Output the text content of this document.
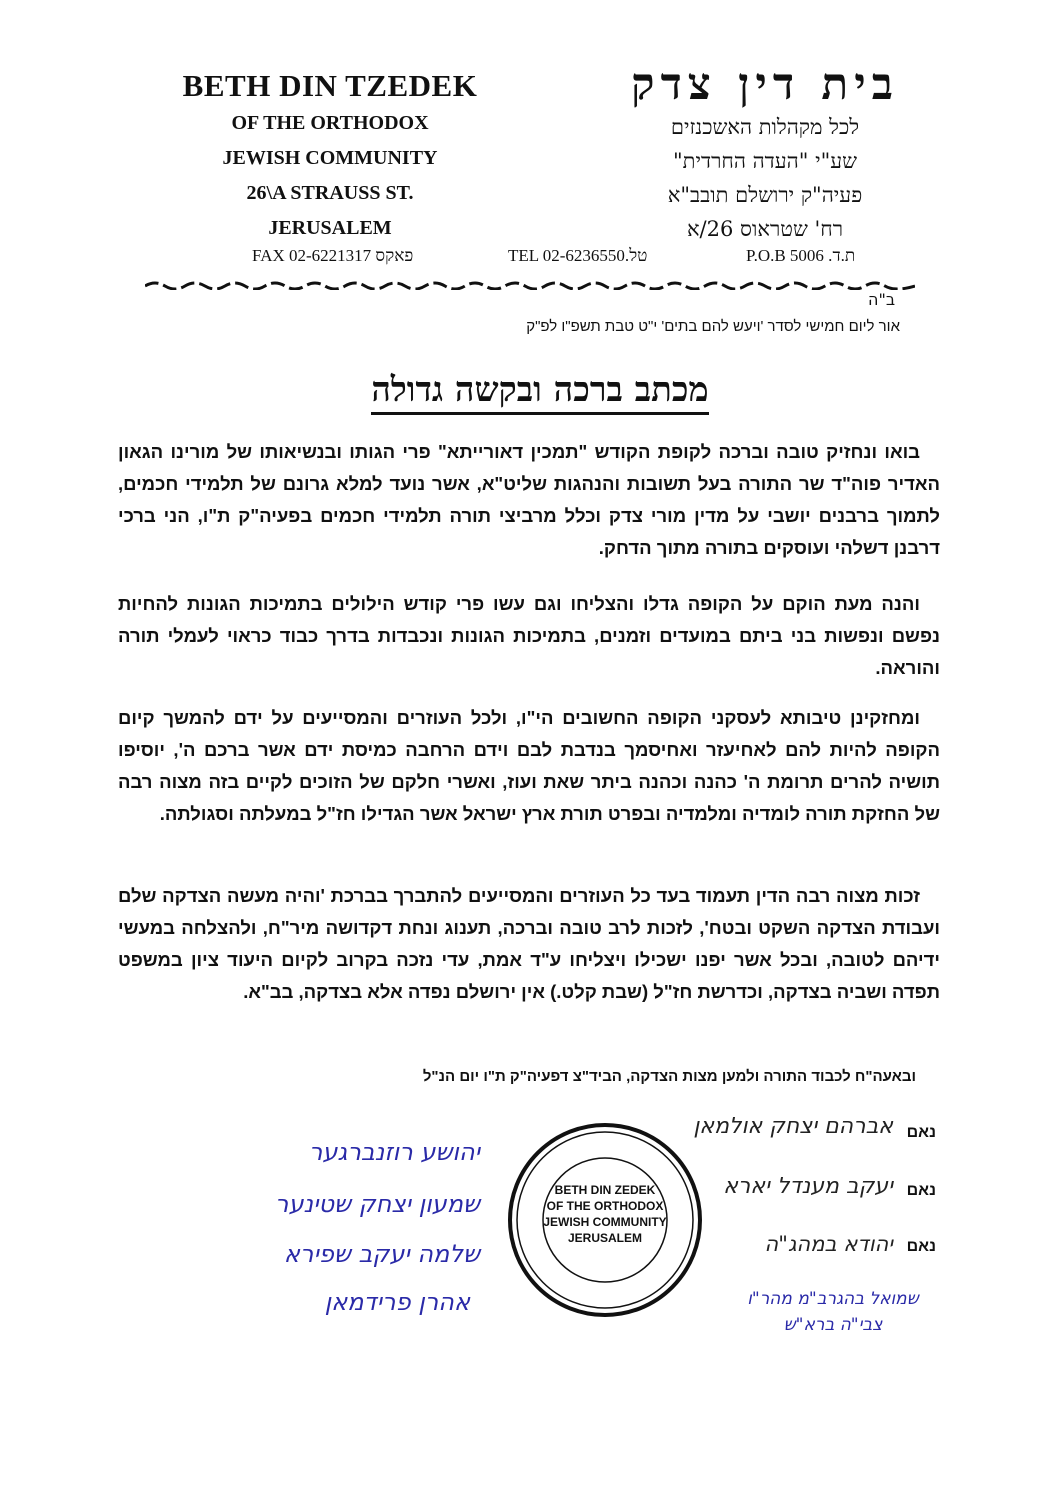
BETH DIN TZEDEK
OF THE ORTHODOX
JEWISH COMMUNITY
26\A STRAUSS ST.
JERUSALEM
בית דין צדק
לכל מקהלות האשכנזים
שע"י "העדה החרדית"
פעיה"ק ירושלם תובב"א
רח' שטראוס 26/א
FAX 02-6221317 פאקס	TEL 02-6236550.טל	P.O.B 5006 .ת.ד
ב"ה
אור ליום חמישי לסדר 'ויעש להם בתים' י"ט טבת תשפ"ו לפ"ק
מכתב ברכה ובקשה גדולה

בואו ונחזיק טובה וברכה לקופת הקודש "תמכין דאורייתא" פרי הגותו ובנשיאותו של מורינו הגאון האדיר פוה"ד שר התורה בעל תשובות והנהגות שליט"א, אשר נועד למלא גרונם של תלמידי חכמים, לתמוך ברבנים יושבי על מדין מורי צדק וכלל מרביצי תורה תלמידי חכמים בפעיה"ק ת"ו, הני ברכי דרבנן דשלהי ועוסקים בתורה מתוך הדחק.

והנה מעת הוקם על הקופה גדלו והצליחו וגם עשו פרי קודש הילולים בתמיכות הגונות להחיות נפשם ונפשות בני ביתם במועדים וזמנים, בתמיכות הגונות ונכבדות בדרך כבוד כראוי לעמלי תורה והוראה.

ומחזקינן טיבותא לעסקני הקופה החשובים הי"ו, ולכל העוזרים והמסייעים על ידם להמשך קיום הקופה להיות להם לאחיעזר ואחיסמך בנדבת לבם וידם הרחבה כמיסת ידם אשר ברכם ה', יוסיפו תושיה להרים תרומת ה' כהנה וכהנה ביתר שאת ועוז, ואשרי חלקם של הזוכים לקיים בזה מצוה רבה של החזקת תורה לומדיה ומלמדיה ובפרט תורת ארץ ישראל אשר הגדילו חז"ל במעלתה וסגולתה.

זכות מצוה רבה הדין תעמוד בעד כל העוזרים והמסייעים להתברך בברכת 'והיה מעשה הצדקה שלם ועבודת הצדקה השקט ובטח', לזכות לרב טובה וברכה, תענוג ונחת דקדושה מיר"ח, ולהצלחה במעשי ידיהם לטובה, ובכל אשר יפנו ישכילו ויצליחו ע"ד אמת, עדי נזכה בקרוב לקיום היעוד ציון במשפט תפדה ושביה בצדקה, וכדרשת חז"ל (שבת קלט.) אין ירושלם נפדה אלא בצדקה, בב"א.

ובאעה"ח לכבוד התורה ולמען מצות הצדקה, הביד"צ דפעיה"ק ת"ו יום הנ"ל
נאם
נאם
נאם
אברהם יצחק אולמאן
יעקב מענדל יארא
יהודא במהג"ה
שמואל בהגרב"מ מהר"ו צבי"ה ברא"ש
יהושע רוזנברגער
שמעון יצחק שטינער
שלמה יעקב שפירא
אהרן פרידמאן
BETH DIN ZEDEK
OF THE ORTHODOX
JEWISH COMMUNITY
JERUSALEM
